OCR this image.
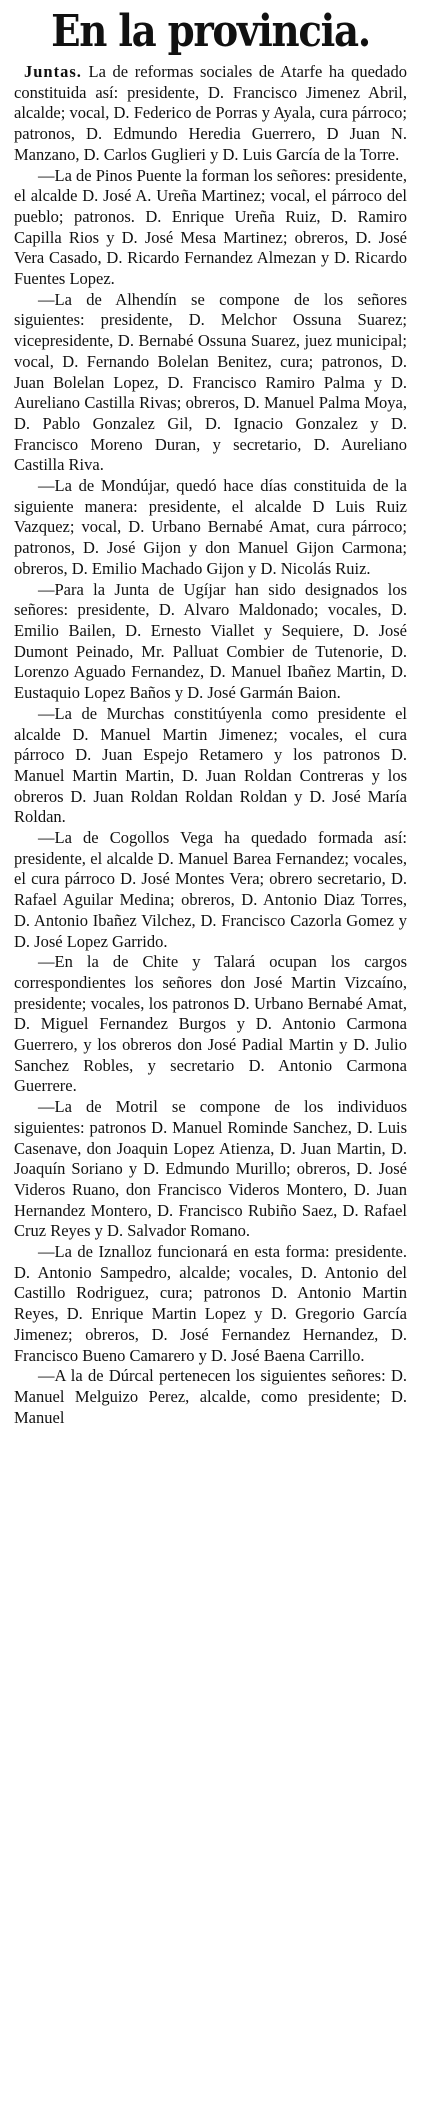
En la provincia.

Juntas. La de reformas sociales de Atarfe ha quedado constituida así: presidente, D. Francisco Jimenez Abril, alcalde; vocal, D. Federico de Porras y Ayala, cura párroco; patronos, D. Edmundo Heredia Guerrero, D Juan N. Manzano, D. Carlos Guglieri y D. Luis García de la Torre.

—La de Pinos Puente la forman los señores: presidente, el alcalde D. José A. Ureña Martinez; vocal, el párroco del pueblo; patronos. D. Enrique Ureña Ruiz, D. Ramiro Capilla Rios y D. José Mesa Martinez; obreros, D. José Vera Casado, D. Ricardo Fernandez Almezan y D. Ricardo Fuentes Lopez.

—La de Alhendín se compone de los señores siguientes: presidente, D. Melchor Ossuna Suarez; vicepresidente, D. Bernabé Ossuna Suarez, juez municipal; vocal, D. Fernando Bolelan Benitez, cura; patronos, D. Juan Bolelan Lopez, D. Francisco Ramiro Palma y D. Aureliano Castilla Rivas; obreros, D. Manuel Palma Moya, D. Pablo Gonzalez Gil, D. Ignacio Gonzalez y D. Francisco Moreno Duran, y secretario, D. Aureliano Castilla Riva.

—La de Mondújar, quedó hace días constituida de la siguiente manera: presidente, el alcalde D Luis Ruiz Vazquez; vocal, D. Urbano Bernabé Amat, cura párroco; patronos, D. José Gijon y don Manuel Gijon Carmona; obreros, D. Emilio Machado Gijon y D. Nicolás Ruiz.

—Para la Junta de Ugíjar han sido designados los señores: presidente, D. Alvaro Maldonado; vocales, D. Emilio Bailen, D. Ernesto Viallet y Sequiere, D. José Dumont Peinado, Mr. Palluat Combier de Tutenorie, D. Lorenzo Aguado Fernandez, D. Manuel Ibañez Martin, D. Eustaquio Lopez Baños y D. José Garmán Baion.

—La de Murchas constitúyenla como presidente el alcalde D. Manuel Martin Jimenez; vocales, el cura párroco D. Juan Espejo Retamero y los patronos D. Manuel Martin Martin, D. Juan Roldan Contreras y los obreros D. Juan Roldan Roldan Roldan y D. José María Roldan.

—La de Cogollos Vega ha quedado formada así: presidente, el alcalde D. Manuel Barea Fernandez; vocales, el cura párroco D. José Montes Vera; obrero secretario, D. Rafael Aguilar Medina; obreros, D. Antonio Diaz Torres, D. Antonio Ibañez Vilchez, D. Francisco Cazorla Gomez y D. José Lopez Garrido.

—En la de Chite y Talará ocupan los cargos correspondientes los señores don José Martin Vizcaíno, presidente; vocales, los patronos D. Urbano Bernabé Amat, D. Miguel Fernandez Burgos y D. Antonio Carmona Guerrero, y los obreros don José Padial Martin y D. Julio Sanchez Robles, y secretario D. Antonio Carmona Guerrere.

—La de Motril se compone de los individuos siguientes: patronos D. Manuel Rominde Sanchez, D. Luis Casenave, don Joaquin Lopez Atienza, D. Juan Martin, D. Joaquín Soriano y D. Edmundo Murillo; obreros, D. José Videros Ruano, don Francisco Videros Montero, D. Juan Hernandez Montero, D. Francisco Rubiño Saez, D. Rafael Cruz Reyes y D. Salvador Romano.

—La de Iznalloz funcionará en esta forma: presidente. D. Antonio Sampedro, alcalde; vocales, D. Antonio del Castillo Rodriguez, cura; patronos D. Antonio Martin Reyes, D. Enrique Martin Lopez y D. Gregorio García Jimenez; obreros, D. José Fernandez Hernandez, D. Francisco Bueno Camarero y D. José Baena Carrillo.

—A la de Dúrcal pertenecen los siguientes señores: D. Manuel Melguizo Perez, alcalde, como presidente; D. Manuel
